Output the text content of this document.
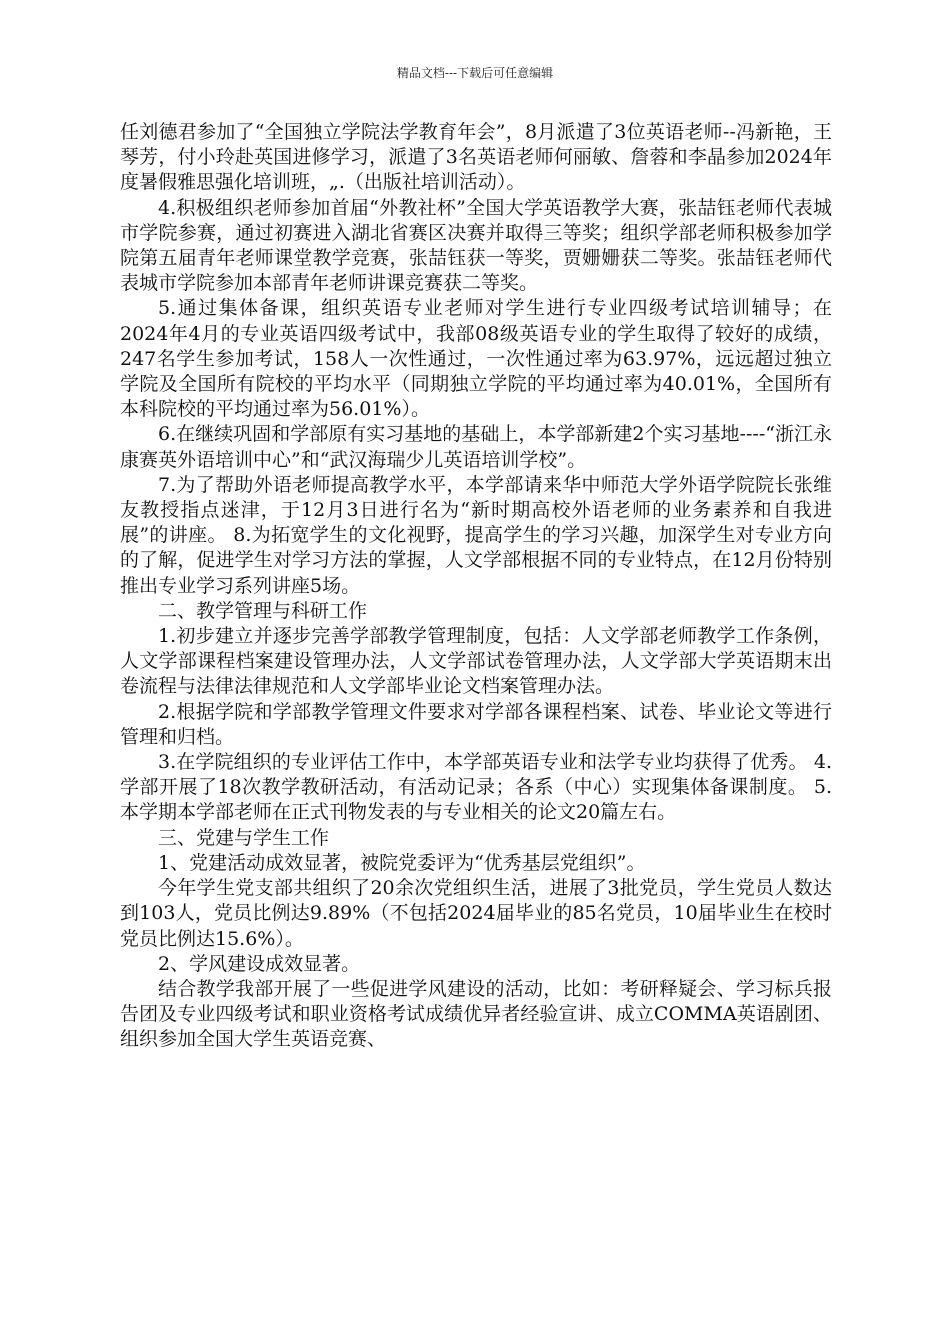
精品文档---下载后可任意编辑

任刘德君参加了“全国独立学院法学教育年会”，8月派遣了3位英语老师--冯新艳，王琴芳，付小玲赴英国进修学习，派遣了3名英语老师何丽敏、詹蓉和李晶参加2024年度暑假雅思强化培训班，„.（出版社培训活动）。

4.积极组织老师参加首届“外教社杯”全国大学英语教学大赛，张喆钰老师代表城市学院参赛，通过初赛进入湖北省赛区决赛并取得三等奖；组织学部老师积极参加学院第五届青年老师课堂教学竞赛，张喆钰获一等奖，贾姗姗获二等奖。张喆钰老师代表城市学院参加本部青年老师讲课竞赛获二等奖。

5.通过集体备课，组织英语专业老师对学生进行专业四级考试培训辅导；在2024年4月的专业英语四级考试中，我部08级英语专业的学生取得了较好的成绩，247名学生参加考试，158人一次性通过，一次性通过率为63.97%，远远超过独立学院及全国所有院校的平均水平（同期独立学院的平均通过率为40.01%，全国所有本科院校的平均通过率为56.01%）。

6.在继续巩固和学部原有实习基地的基础上，本学部新建2个实习基地----“浙江永康赛英外语培训中心”和“武汉海瑞少儿英语培训学校”。

7.为了帮助外语老师提高教学水平，本学部请来华中师范大学外语学院院长张维友教授指点迷津，于12月3日进行名为“新时期高校外语老师的业务素养和自我进展”的讲座。 8.为拓宽学生的文化视野，提高学生的学习兴趣，加深学生对专业方向的了解，促进学生对学习方法的掌握，人文学部根据不同的专业特点，在12月份特别推出专业学习系列讲座5场。

二、教学管理与科研工作

1.初步建立并逐步完善学部教学管理制度，包括：人文学部老师教学工作条例，人文学部课程档案建设管理办法，人文学部试卷管理办法，人文学部大学英语期末出卷流程与法律法律规范和人文学部毕业论文档案管理办法。

2.根据学院和学部教学管理文件要求对学部各课程档案、试卷、毕业论文等进行管理和归档。

3.在学院组织的专业评估工作中，本学部英语专业和法学专业均获得了优秀。 4.学部开展了18次教学教研活动，有活动记录；各系（中心）实现集体备课制度。 5.本学期本学部老师在正式刊物发表的与专业相关的论文20篇左右。

三、党建与学生工作

1、党建活动成效显著，被院党委评为“优秀基层党组织”。

今年学生党支部共组织了20余次党组织生活，进展了3批党员，学生党员人数达到103人，党员比例达9.89%（不包括2024届毕业的85名党员，10届毕业生在校时党员比例达15.6%）。

2、学风建设成效显著。

结合教学我部开展了一些促进学风建设的活动，比如：考研释疑会、学习标兵报告团及专业四级考试和职业资格考试成绩优异者经验宣讲、成立COMMA英语剧团、组织参加全国大学生英语竞赛、
